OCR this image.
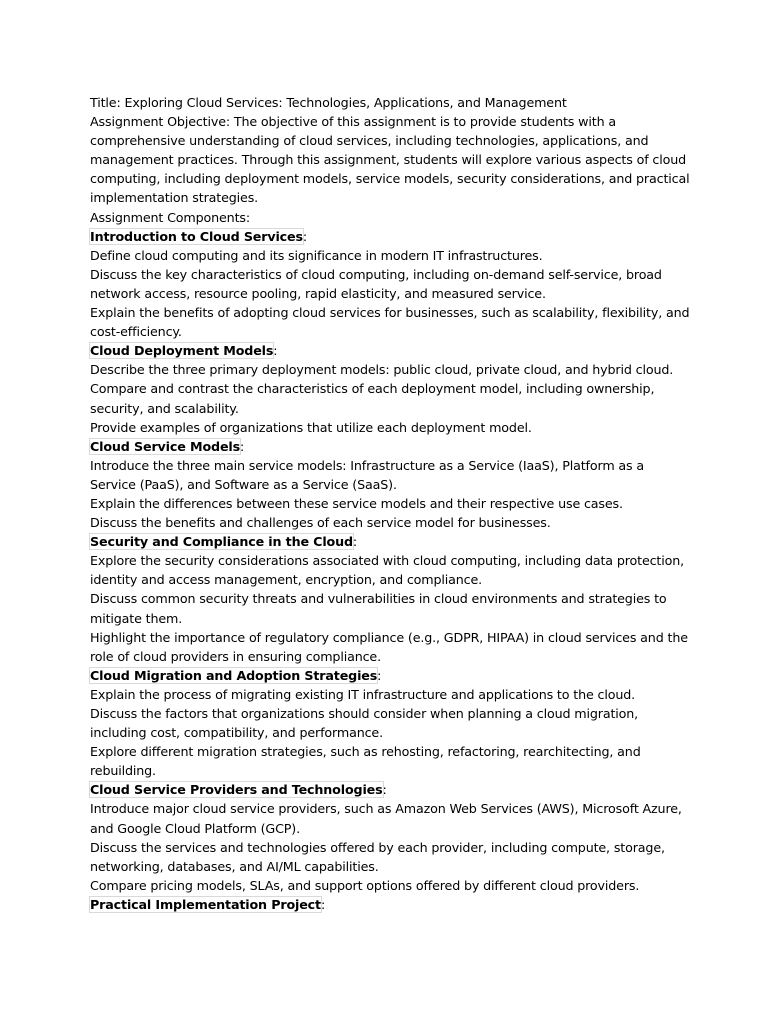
Title: Exploring Cloud Services: Technologies, Applications, and Management

Assignment Objective: The objective of this assignment is to provide students with a comprehensive understanding of cloud services, including technologies, applications, and management practices. Through this assignment, students will explore various aspects of cloud computing, including deployment models, service models, security considerations, and practical implementation strategies.

Assignment Components:

Introduction to Cloud Services:

Define cloud computing and its significance in modern IT infrastructures.

Discuss the key characteristics of cloud computing, including on-demand self-service, broad network access, resource pooling, rapid elasticity, and measured service.

Explain the benefits of adopting cloud services for businesses, such as scalability, flexibility, and cost-efficiency.

Cloud Deployment Models:

Describe the three primary deployment models: public cloud, private cloud, and hybrid cloud.

Compare and contrast the characteristics of each deployment model, including ownership, security, and scalability.

Provide examples of organizations that utilize each deployment model.

Cloud Service Models:

Introduce the three main service models: Infrastructure as a Service (IaaS), Platform as a Service (PaaS), and Software as a Service (SaaS).

Explain the differences between these service models and their respective use cases.

Discuss the benefits and challenges of each service model for businesses.

Security and Compliance in the Cloud:

Explore the security considerations associated with cloud computing, including data protection, identity and access management, encryption, and compliance.

Discuss common security threats and vulnerabilities in cloud environments and strategies to mitigate them.

Highlight the importance of regulatory compliance (e.g., GDPR, HIPAA) in cloud services and the role of cloud providers in ensuring compliance.

Cloud Migration and Adoption Strategies:

Explain the process of migrating existing IT infrastructure and applications to the cloud.

Discuss the factors that organizations should consider when planning a cloud migration, including cost, compatibility, and performance.

Explore different migration strategies, such as rehosting, refactoring, rearchitecting, and rebuilding.

Cloud Service Providers and Technologies:

Introduce major cloud service providers, such as Amazon Web Services (AWS), Microsoft Azure, and Google Cloud Platform (GCP).

Discuss the services and technologies offered by each provider, including compute, storage, networking, databases, and AI/ML capabilities.

Compare pricing models, SLAs, and support options offered by different cloud providers.

Practical Implementation Project:
